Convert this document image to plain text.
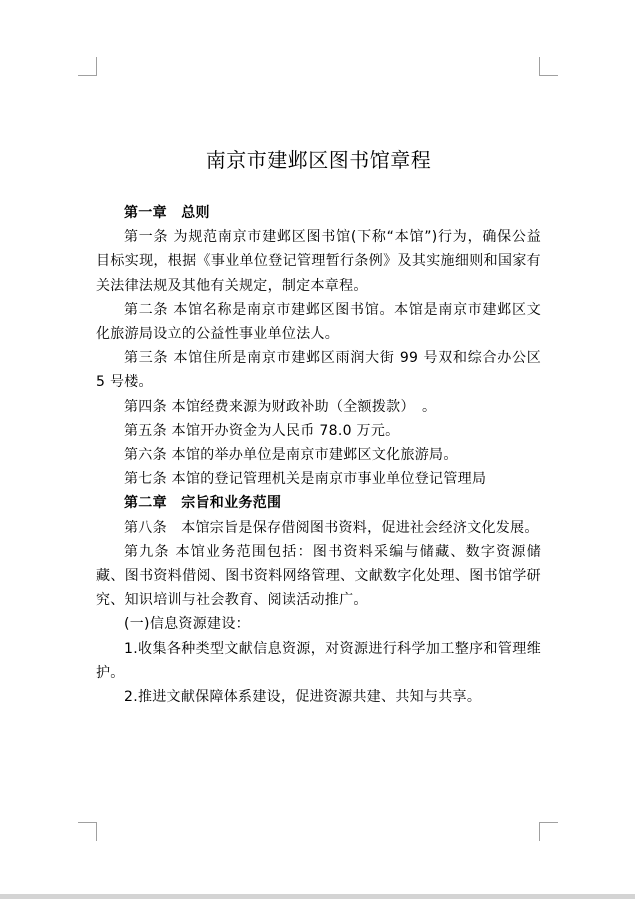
南京市建邺区图书馆章程

第一章　总则

第一条 为规范南京市建邺区图书馆(下称“本馆”)行为，确保公益目标实现，根据《事业单位登记管理暂行条例》及其实施细则和国家有关法律法规及其他有关规定，制定本章程。

第二条 本馆名称是南京市建邺区图书馆。本馆是南京市建邺区文化旅游局设立的公益性事业单位法人。

第三条 本馆住所是南京市建邺区雨润大街 99 号双和综合办公区 5 号楼。

第四条 本馆经费来源为财政补助（全额拨款）　。

第五条 本馆开办资金为人民币 78.0 万元。

第六条 本馆的举办单位是南京市建邺区文化旅游局。

第七条 本馆的登记管理机关是南京市事业单位登记管理局

第二章　宗旨和业务范围

第八条　本馆宗旨是保存借阅图书资料，促进社会经济文化发展。

第九条 本馆业务范围包括：图书资料采编与储藏、数字资源储藏、图书资料借阅、图书资料网络管理、文献数字化处理、图书馆学研究、知识培训与社会教育、阅读活动推广。

(一)信息资源建设：

1.收集各种类型文献信息资源，对资源进行科学加工整序和管理维护。

2.推进文献保障体系建设，促进资源共建、共知与共享。
